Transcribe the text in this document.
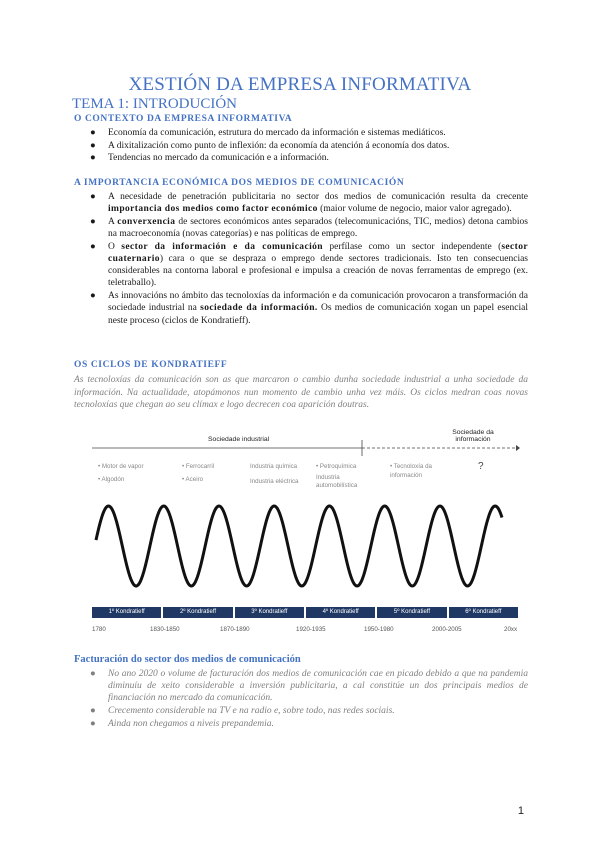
XESTIÓN DA EMPRESA INFORMATIVA
TEMA 1: INTRODUCIÓN
O CONTEXTO DA EMPRESA INFORMATIVA
● Economía da comunicación, estrutura do mercado da información e sistemas mediáticos.
● A dixitalización como punto de inflexión: da economía da atención á economía dos datos.
● Tendencias no mercado da comunicación e a información.
A IMPORTANCIA ECONÓMICA DOS MEDIOS DE COMUNICACIÓN
● A necesidade de penetración publicitaria no sector dos medios de comunicación resulta da crecente importancia dos medios como factor económico (maior volume de negocio, maior valor agregado).
● A converxencia de sectores económicos antes separados (telecomunicacións, TIC, medios) detona cambios na macroeconomía (novas categorías) e nas políticas de emprego.
● O sector da información e da comunicación perfílase como un sector independente (sector cuaternario) cara o que se despraza o emprego dende sectores tradicionais. Isto ten consecuencias considerables na contorna laboral e profesional e impulsa a creación de novas ferramentas de emprego (ex. teletraballo).
● As innovacións no ámbito das tecnoloxías da información e da comunicación provocaron a transformación da sociedade industrial na sociedade da información. Os medios de comunicación xogan un papel esencial neste proceso (ciclos de Kondratieff).
OS CICLOS DE KONDRATIEFF
As tecnoloxías da comunicación son as que marcaron o cambio dunha sociedade industrial a unha sociedade da información. Na actualidade, atopámonos nun momento de cambio unha vez máis. Os ciclos medran coas novas tecnoloxías que chegan ao seu clímax e logo decrecen coa aparición doutras.
Sociedade industrial
Sociedade da
información
• Motor de vapor
• Algodón
• Ferrocarril
• Aceiro
Industria química
Industria eléctrica
• Petroquímica
Industria
automobilística
• Tecnoloxía da
información
?
1º Kondratieff	2º Kondratieff	3º Kondratieff	4º Kondratieff	5º Kondratieff	6º Kondratieff
1780	1830-1850	1870-1890	1920-1935	1950-1980	2000-2005	20xx
Facturación do sector dos medios de comunicación
● No ano 2020 o volume de facturación dos medios de comunicación cae en picado debido a que na pandemia diminuíu de xeito considerable a inversión publicitaria, a cal constitúe un dos principais medios de financiación no mercado da comunicación.
● Crecemento considerable na TV e na radio e, sobre todo, nas redes sociais.
● Ainda non chegamos a niveis prepandemia.
1
